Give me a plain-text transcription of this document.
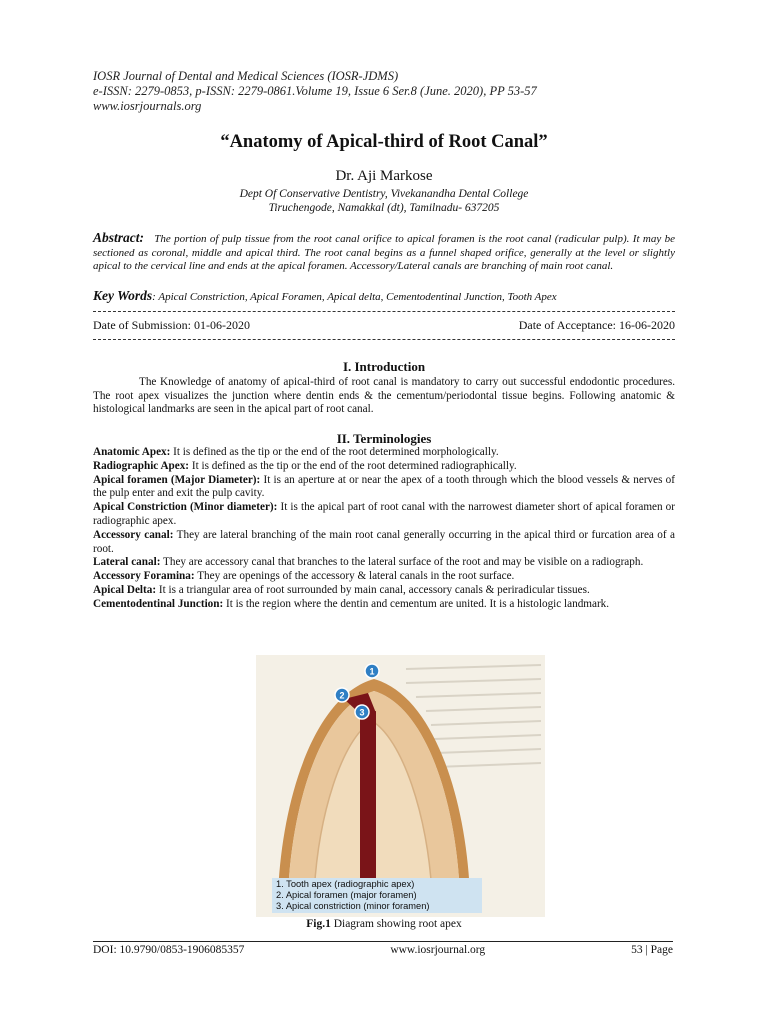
IOSR Journal of Dental and Medical Sciences (IOSR-JDMS)
e-ISSN: 2279-0853, p-ISSN: 2279-0861.Volume 19, Issue 6 Ser.8 (June. 2020), PP 53-57
www.iosrjournals.org
“Anatomy of Apical-third of Root Canal”
Dr. Aji Markose
Dept Of Conservative Dentistry, Vivekanandha Dental College
Tiruchengode, Namakkal (dt), Tamilnadu- 637205
Abstract: The portion of pulp tissue from the root canal orifice to apical foramen is the root canal (radicular pulp). It may be sectioned as coronal, middle and apical third. The root canal begins as a funnel shaped orifice, generally at the level or slightly apical to the cervical line and ends at the apical foramen. Accessory/Lateral canals are branching of main root canal.
Key Words: Apical Constriction, Apical Foramen, Apical delta, Cementodentinal Junction, Tooth Apex
Date of Submission: 01-06-2020	Date of Acceptance: 16-06-2020
I. Introduction
The Knowledge of anatomy of apical-third of root canal is mandatory to carry out successful endodontic procedures. The root apex visualizes the junction where dentin ends & the cementum/periodontal tissue begins. Following anatomic & histological landmarks are seen in the apical part of root canal.
II. Terminologies

Anatomic Apex: It is defined as the tip or the end of the root determined morphologically.

Radiographic Apex: It is defined as the tip or the end of the root determined radiographically.

Apical foramen (Major Diameter): It is an aperture at or near the apex of a tooth through which the blood vessels & nerves of the pulp enter and exit the pulp cavity.

Apical Constriction (Minor diameter): It is the apical part of root canal with the narrowest diameter short of apical foramen or radiographic apex.

Accessory canal: They are lateral branching of the main root canal generally occurring in the apical third or furcation area of a root.

Lateral canal: They are accessory canal that branches to the lateral surface of the root and may be visible on a radiograph.

Accessory Foramina: They are openings of the accessory & lateral canals in the root surface.

Apical Delta: It is a triangular area of root surrounded by main canal, accessory canals & periradicular tissues.

Cementodentinal Junction: It is the region where the dentin and cementum are united. It is a histologic landmark.

1
2
3
1. Tooth apex (radiographic apex)
2. Apical foramen (major foramen)
3. Apical constriction (minor foramen)
Fig.1 Diagram showing root apex
DOI: 10.9790/0853-1906085357	www.iosrjournal.org	53 | Page
